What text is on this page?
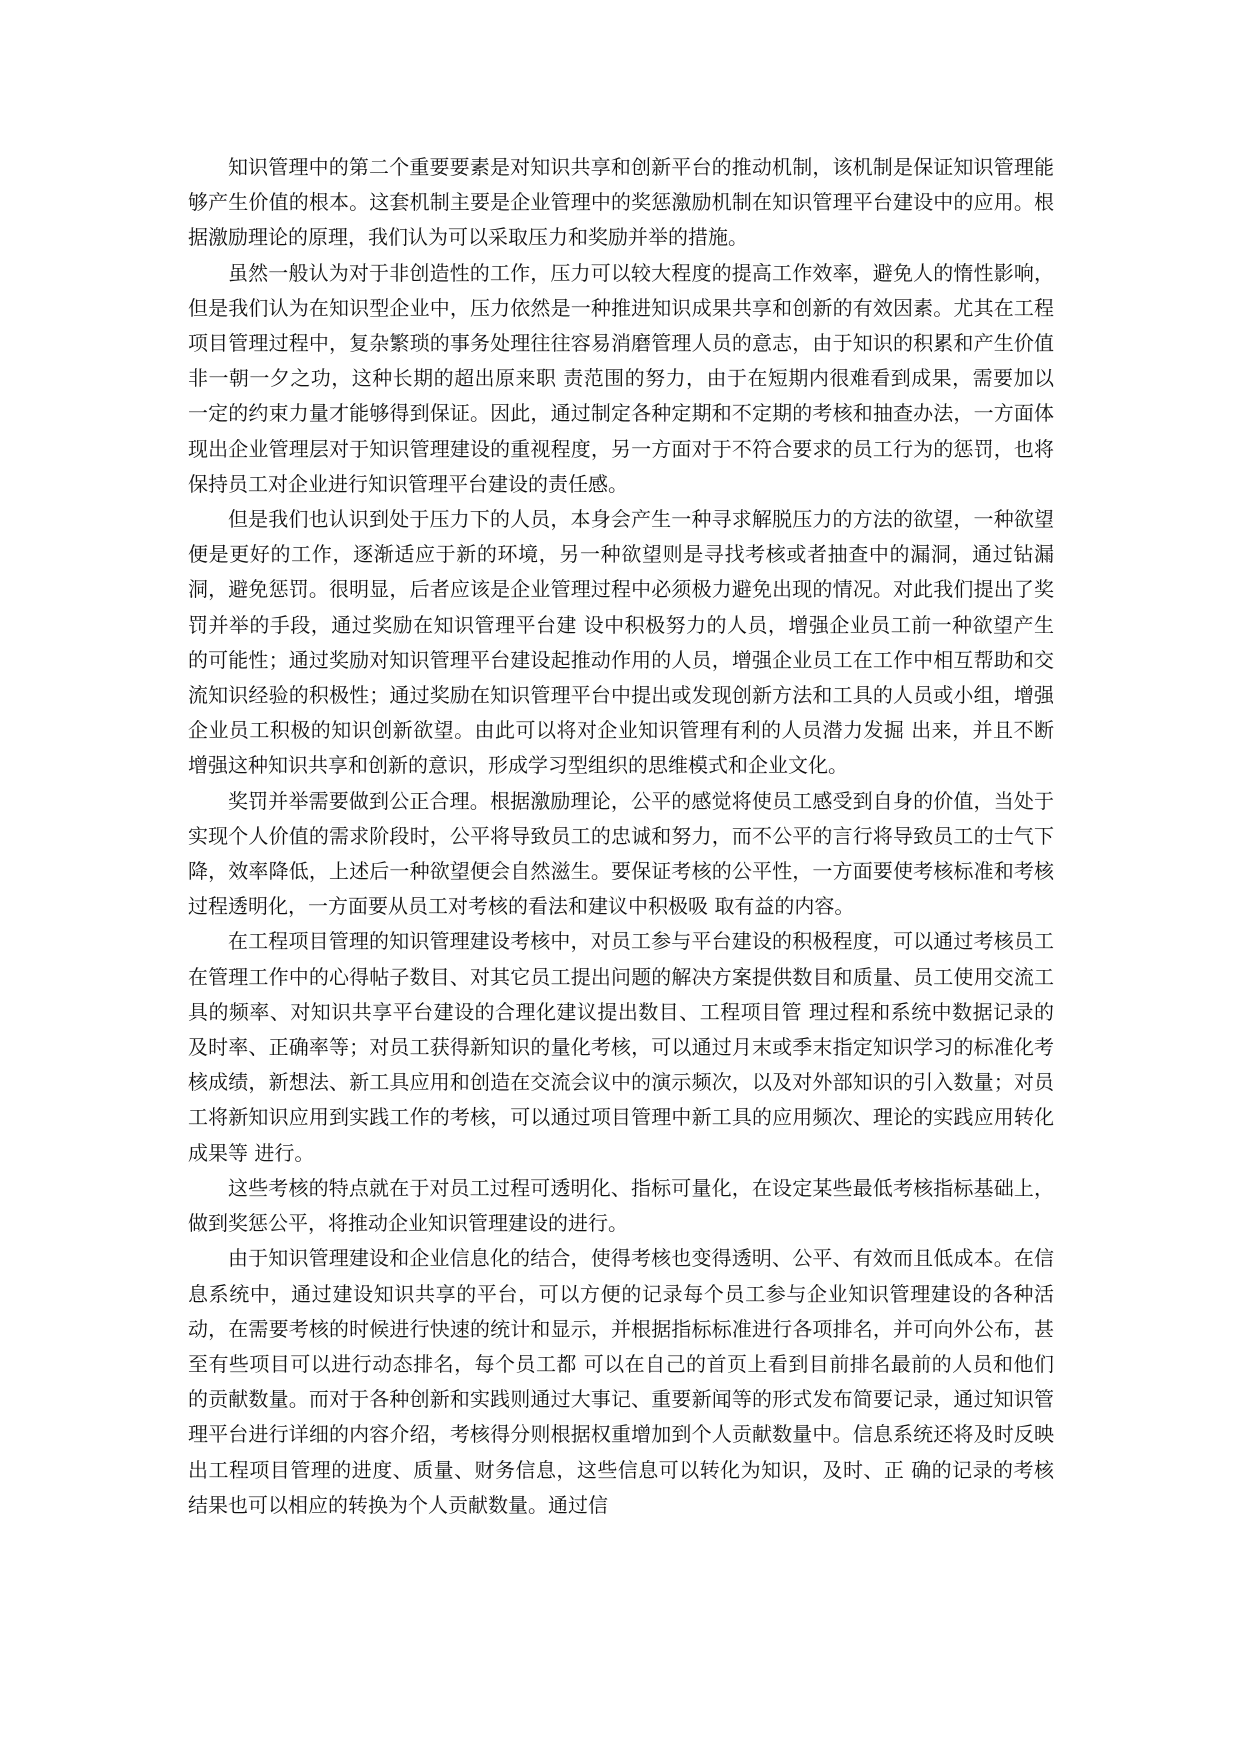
知识管理中的第二个重要要素是对知识共享和创新平台的推动机制，该机制是保证知识管理能够产生价值的根本。这套机制主要是企业管理中的奖惩激励机制在知识管理平台建设中的应用。根据激励理论的原理，我们认为可以采取压力和奖励并举的措施。

虽然一般认为对于非创造性的工作，压力可以较大程度的提高工作效率，避免人的惰性影响，但是我们认为在知识型企业中，压力依然是一种推进知识成果共享和创新的有效因素。尤其在工程项目管理过程中，复杂繁琐的事务处理往往容易消磨管理人员的意志，由于知识的积累和产生价值非一朝一夕之功，这种长期的超出原来职 责范围的努力，由于在短期内很难看到成果，需要加以一定的约束力量才能够得到保证。因此，通过制定各种定期和不定期的考核和抽查办法，一方面体现出企业管理层对于知识管理建设的重视程度，另一方面对于不符合要求的员工行为的惩罚，也将保持员工对企业进行知识管理平台建设的责任感。

但是我们也认识到处于压力下的人员，本身会产生一种寻求解脱压力的方法的欲望，一种欲望便是更好的工作，逐渐适应于新的环境，另一种欲望则是寻找考核或者抽查中的漏洞，通过钻漏洞，避免惩罚。很明显，后者应该是企业管理过程中必须极力避免出现的情况。对此我们提出了奖罚并举的手段，通过奖励在知识管理平台建 设中积极努力的人员，增强企业员工前一种欲望产生的可能性；通过奖励对知识管理平台建设起推动作用的人员，增强企业员工在工作中相互帮助和交流知识经验的积极性；通过奖励在知识管理平台中提出或发现创新方法和工具的人员或小组，增强企业员工积极的知识创新欲望。由此可以将对企业知识管理有利的人员潜力发掘 出来，并且不断增强这种知识共享和创新的意识，形成学习型组织的思维模式和企业文化。

奖罚并举需要做到公正合理。根据激励理论，公平的感觉将使员工感受到自身的价值，当处于实现个人价值的需求阶段时，公平将导致员工的忠诚和努力，而不公平的言行将导致员工的士气下降，效率降低，上述后一种欲望便会自然滋生。要保证考核的公平性，一方面要使考核标准和考核过程透明化，一方面要从员工对考核的看法和建议中积极吸 取有益的内容。

在工程项目管理的知识管理建设考核中，对员工参与平台建设的积极程度，可以通过考核员工在管理工作中的心得帖子数目、对其它员工提出问题的解决方案提供数目和质量、员工使用交流工具的频率、对知识共享平台建设的合理化建议提出数目、工程项目管 理过程和系统中数据记录的及时率、正确率等；对员工获得新知识的量化考核，可以通过月末或季末指定知识学习的标准化考核成绩，新想法、新工具应用和创造在交流会议中的演示频次，以及对外部知识的引入数量；对员工将新知识应用到实践工作的考核，可以通过项目管理中新工具的应用频次、理论的实践应用转化成果等 进行。

这些考核的特点就在于对员工过程可透明化、指标可量化，在设定某些最低考核指标基础上，做到奖惩公平，将推动企业知识管理建设的进行。

由于知识管理建设和企业信息化的结合，使得考核也变得透明、公平、有效而且低成本。在信息系统中，通过建设知识共享的平台，可以方便的记录每个员工参与企业知识管理建设的各种活动，在需要考核的时候进行快速的统计和显示，并根据指标标准进行各项排名，并可向外公布，甚至有些项目可以进行动态排名，每个员工都 可以在自己的首页上看到目前排名最前的人员和他们的贡献数量。而对于各种创新和实践则通过大事记、重要新闻等的形式发布简要记录，通过知识管理平台进行详细的内容介绍，考核得分则根据权重增加到个人贡献数量中。信息系统还将及时反映出工程项目管理的进度、质量、财务信息，这些信息可以转化为知识，及时、正 确的记录的考核结果也可以相应的转换为个人贡献数量。通过信
